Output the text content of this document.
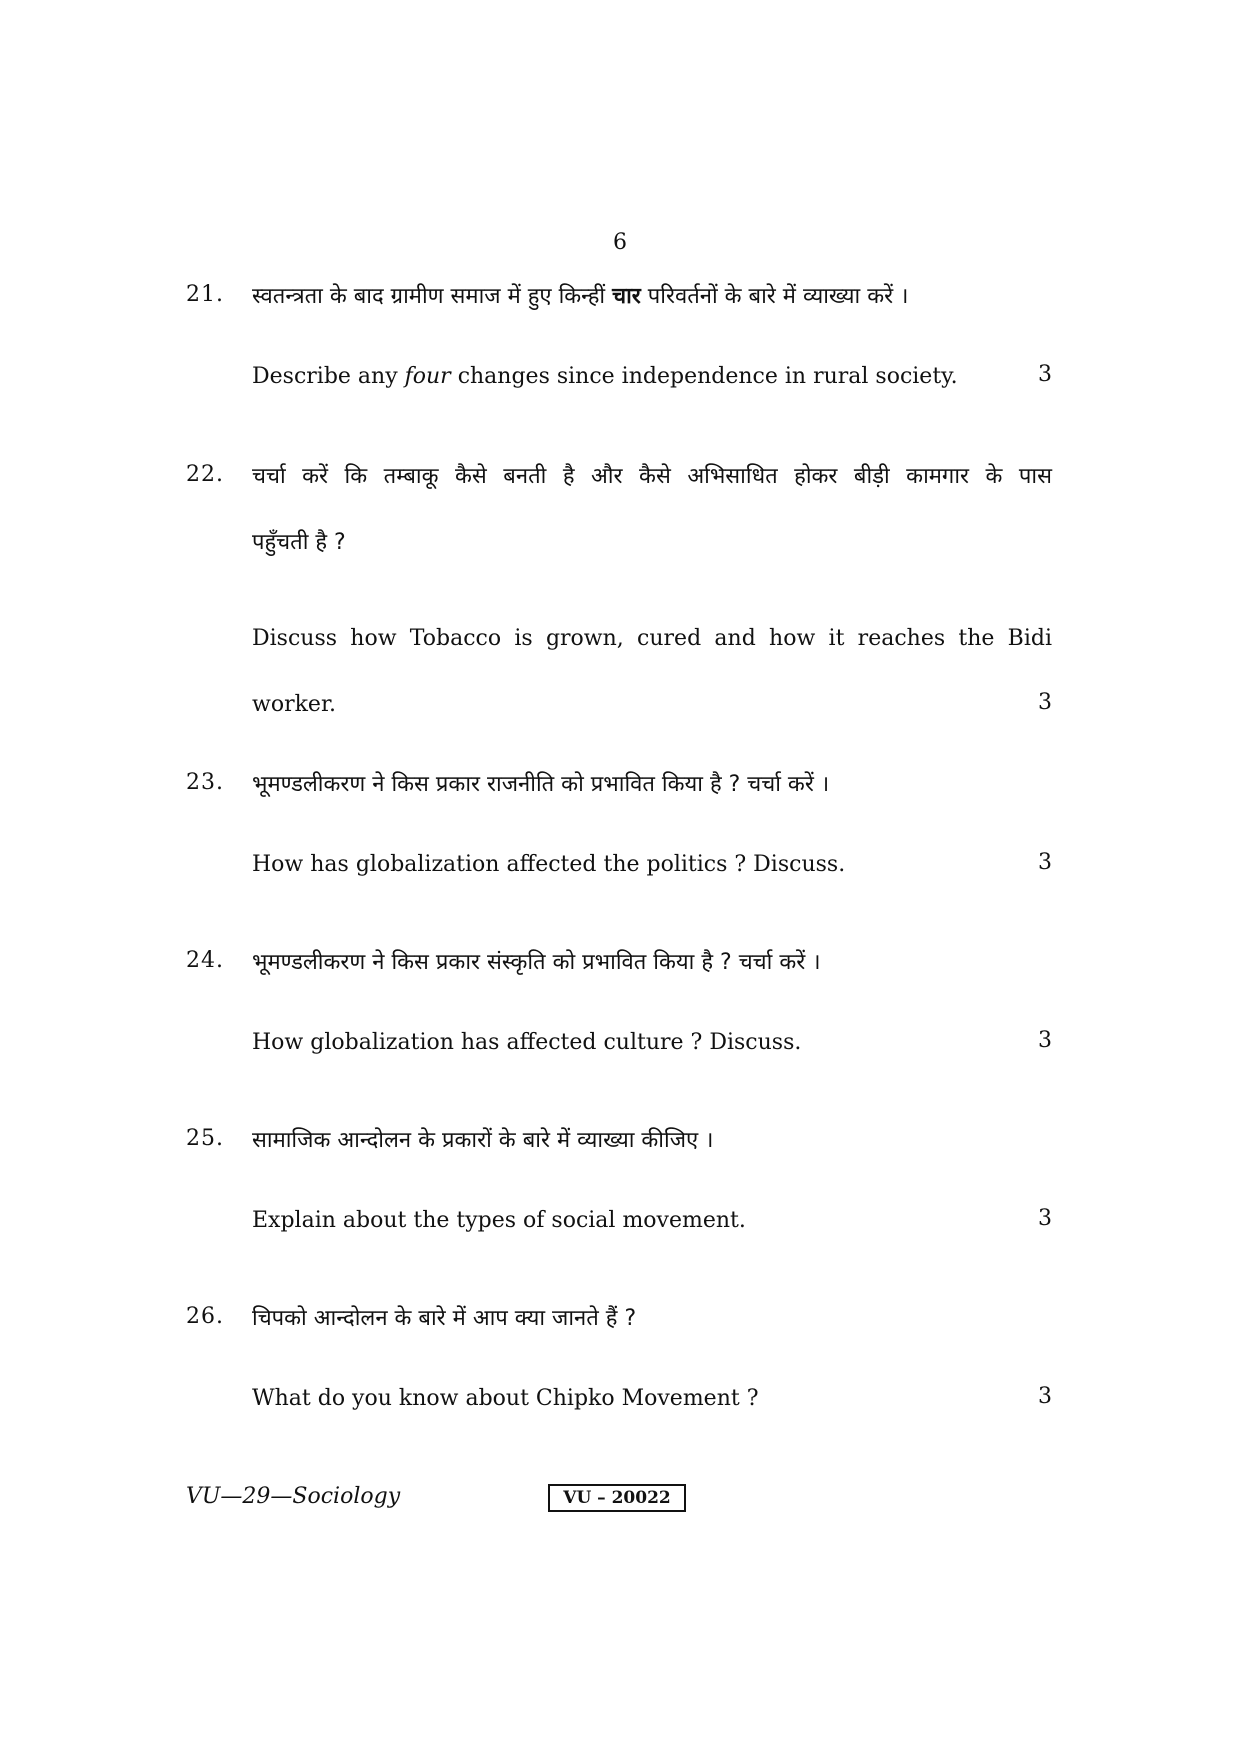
6
21.	स्वतन्त्रता के बाद ग्रामीण समाज में हुए किन्हीं चार परिवर्तनों के बारे में व्याख्या करें ।
Describe any four changes since independence in rural society.	3
22.	चर्चा करें कि तम्बाकू कैसे बनती है और कैसे अभिसाधित होकर बीड़ी कामगार के पास
पहुँचती है ?
Discuss how Tobacco is grown, cured and how it reaches the Bidi
worker.	3
23.	भूमण्डलीकरण ने किस प्रकार राजनीति को प्रभावित किया है ? चर्चा करें ।
How has globalization affected the politics ? Discuss.	3
24.	भूमण्डलीकरण ने किस प्रकार संस्कृति को प्रभावित किया है ? चर्चा करें ।
How globalization has affected culture ? Discuss.	3
25.	सामाजिक आन्दोलन के प्रकारों के बारे में व्याख्या कीजिए ।
Explain about the types of social movement.	3
26.	चिपको आन्दोलन के बारे में आप क्या जानते हैं ?
What do you know about Chipko Movement ?	3
VU—29—Sociology	VU – 20022
